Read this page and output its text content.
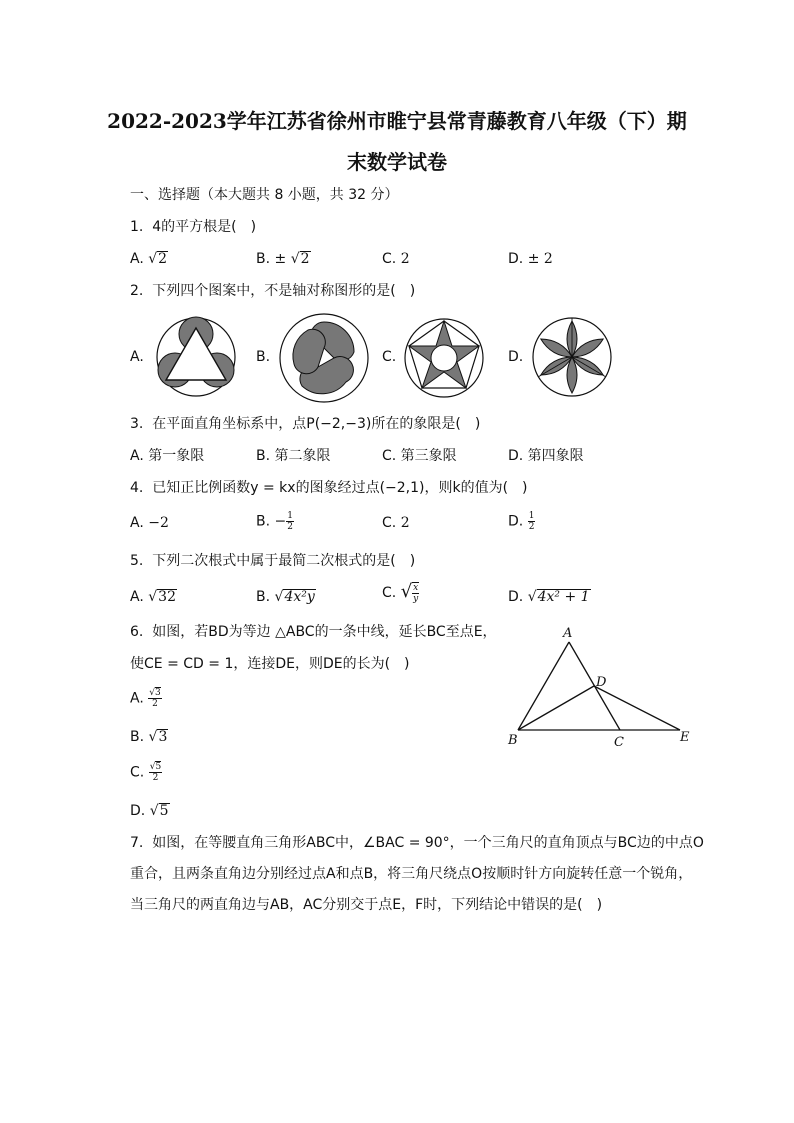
2022-2023学年江苏省徐州市睢宁县常青藤教育八年级（下）期
末数学试卷
一、选择题（本大题共 8 小题，共 32 分）
1. 4的平方根是( )
A. √2	B. ± √2	C. 2	D. ± 2
2. 下列四个图案中，不是轴对称图形的是( )
A.	B.	C.	D.
3. 在平面直角坐标系中，点P(−2,−3)所在的象限是( )
A. 第一象限	B. 第二象限	C. 第三象限	D. 第四象限
4. 已知正比例函数y = kx的图象经过点(−2,1)，则k的值为( )
A. −2	B. − $\frac{1}{2}$	C. 2	D. $\frac{1}{2}$
5. 下列二次根式中属于最简二次根式的是( )
A. √32	B. √4x²y	C. √ $\frac{x}{y}$	D. √4x² + 1
6. 如图，若BD为等边 △ABC的一条中线，延长BC至点E，
使CE = CD = 1，连接DE，则DE的长为( )
A. $\frac{√3}{2}$
B. √3
C. $\frac{√5}{2}$
D. √5
A
B	C
D
E
7. 如图，在等腰直角三角形ABC中，∠BAC = 90°，一个三角尺的直角顶点与BC边的中点O
重合，且两条直角边分别经过点A和点B，将三角尺绕点O按顺时针方向旋转任意一个锐角，
当三角尺的两直角边与AB，AC分别交于点E，F时，下列结论中错误的是( )
